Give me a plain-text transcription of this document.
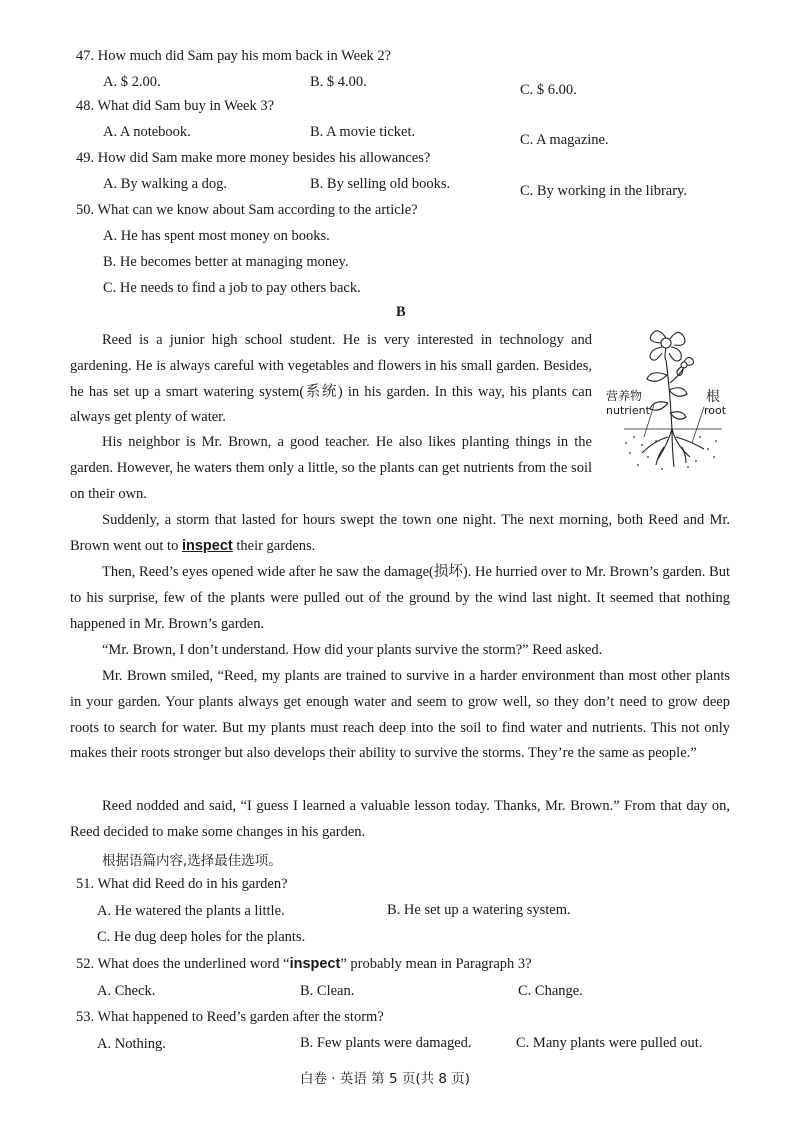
47. How much did Sam pay his mom back in Week 2?
A. $ 2.00.	B. $ 4.00.	C. $ 6.00.
48. What did Sam buy in Week 3?
A. A notebook.	B. A movie ticket.	C. A magazine.
49. How did Sam make more money besides his allowances?
A. By walking a dog.	B. By selling old books.	C. By working in the library.
50. What can we know about Sam according to the article?
A. He has spent most money on books.
B. He becomes better at managing money.
C. He needs to find a job to pay others back.
B
营养物
nutrient
根
root
Reed is a junior high school student. He is very interested in technology and gardening. He is always careful with vegetables and flowers in his small garden. Besides, he has set up a smart watering system(系统) in his garden. In this way, his plants can always get plenty of water.
His neighbor is Mr. Brown, a good teacher. He also likes planting things in the garden. However, he waters them only a little, so the plants can get nutrients from the soil on their own.
Suddenly, a storm that lasted for hours swept the town one night. The next morning, both Reed and Mr. Brown went out to inspect their gardens.
Then, Reed’s eyes opened wide after he saw the damage(损坏). He hurried over to Mr. Brown’s garden. But to his surprise, few of the plants were pulled out of the ground by the wind last night. It seemed that nothing happened in Mr. Brown’s garden.
“Mr. Brown, I don’t understand. How did your plants survive the storm?” Reed asked.
Mr. Brown smiled, “Reed, my plants are trained to survive in a harder environment than most other plants in your garden. Your plants always get enough water and seem to grow well, so they don’t need to grow deep roots to search for water. But my plants must reach deep into the soil to find water and nutrients. This not only makes their roots stronger but also develops their ability to survive the storms. They’re the same as people.”
Reed nodded and said, “I guess I learned a valuable lesson today. Thanks, Mr. Brown.” From that day on, Reed decided to make some changes in his garden.
根据语篇内容,选择最佳选项。
51. What did Reed do in his garden?
A. He watered the plants a little.	B. He set up a watering system.
C. He dug deep holes for the plants.
52. What does the underlined word “inspect” probably mean in Paragraph 3?
A. Check.	B. Clean.	C. Change.
53. What happened to Reed’s garden after the storm?
A. Nothing.	B. Few plants were damaged.	C. Many plants were pulled out.
白卷 · 英语 第 5 页(共 8 页)
